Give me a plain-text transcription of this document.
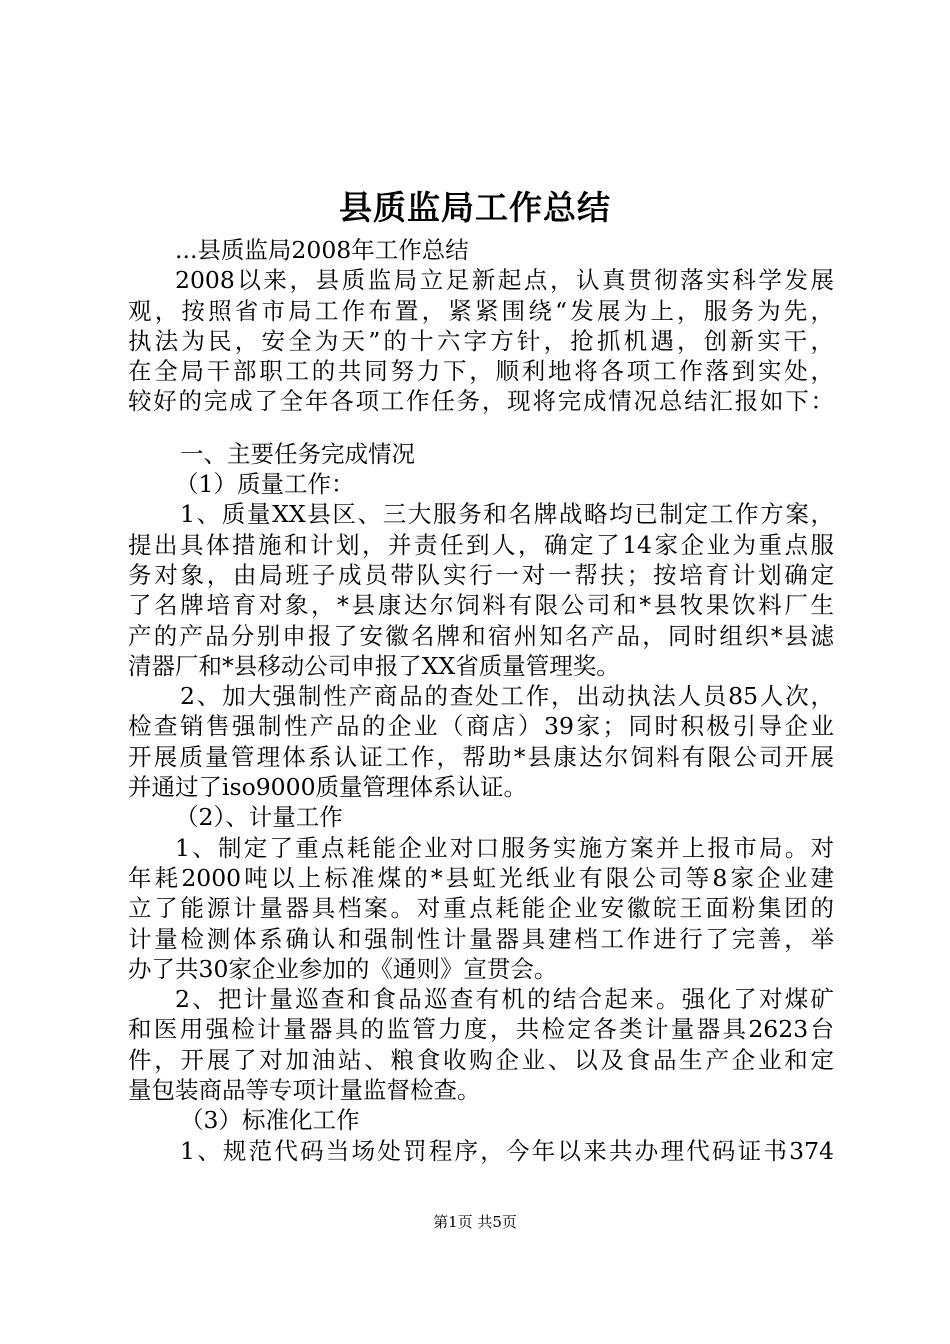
县质监局工作总结
...县质监局2008年工作总结
2008以来，县质监局立足新起点，认真贯彻落实科学发展
观，按照省市局工作布置，紧紧围绕“发展为上，服务为先，
执法为民，安全为天”的十六字方针，抢抓机遇，创新实干，
在全局干部职工的共同努力下，顺利地将各项工作落到实处，
较好的完成了全年各项工作任务，现将完成情况总结汇报如下：
一、主要任务完成情况
（1）质量工作：
1、质量XX县区、三大服务和名牌战略均已制定工作方案，
提出具体措施和计划，并责任到人，确定了14家企业为重点服
务对象，由局班子成员带队实行一对一帮扶；按培育计划确定
了名牌培育对象，*县康达尔饲料有限公司和*县牧果饮料厂生
产的产品分别申报了安徽名牌和宿州知名产品，同时组织*县滤
清器厂和*县移动公司申报了XX省质量管理奖。
2、加大强制性产商品的查处工作，出动执法人员85人次，
检查销售强制性产品的企业（商店）39家；同时积极引导企业
开展质量管理体系认证工作，帮助*县康达尔饲料有限公司开展
并通过了iso9000质量管理体系认证。
（2）、计量工作
1、制定了重点耗能企业对口服务实施方案并上报市局。对
年耗2000吨以上标准煤的*县虹光纸业有限公司等8家企业建
立了能源计量器具档案。对重点耗能企业安徽皖王面粉集团的
计量检测体系确认和强制性计量器具建档工作进行了完善，举
办了共30家企业参加的《通则》宣贯会。
2、把计量巡查和食品巡查有机的结合起来。强化了对煤矿
和医用强检计量器具的监管力度，共检定各类计量器具2623台
件，开展了对加油站、粮食收购企业、以及食品生产企业和定
量包装商品等专项计量监督检查。
（3）标准化工作
1、规范代码当场处罚程序，今年以来共办理代码证书374
第1页 共5页
